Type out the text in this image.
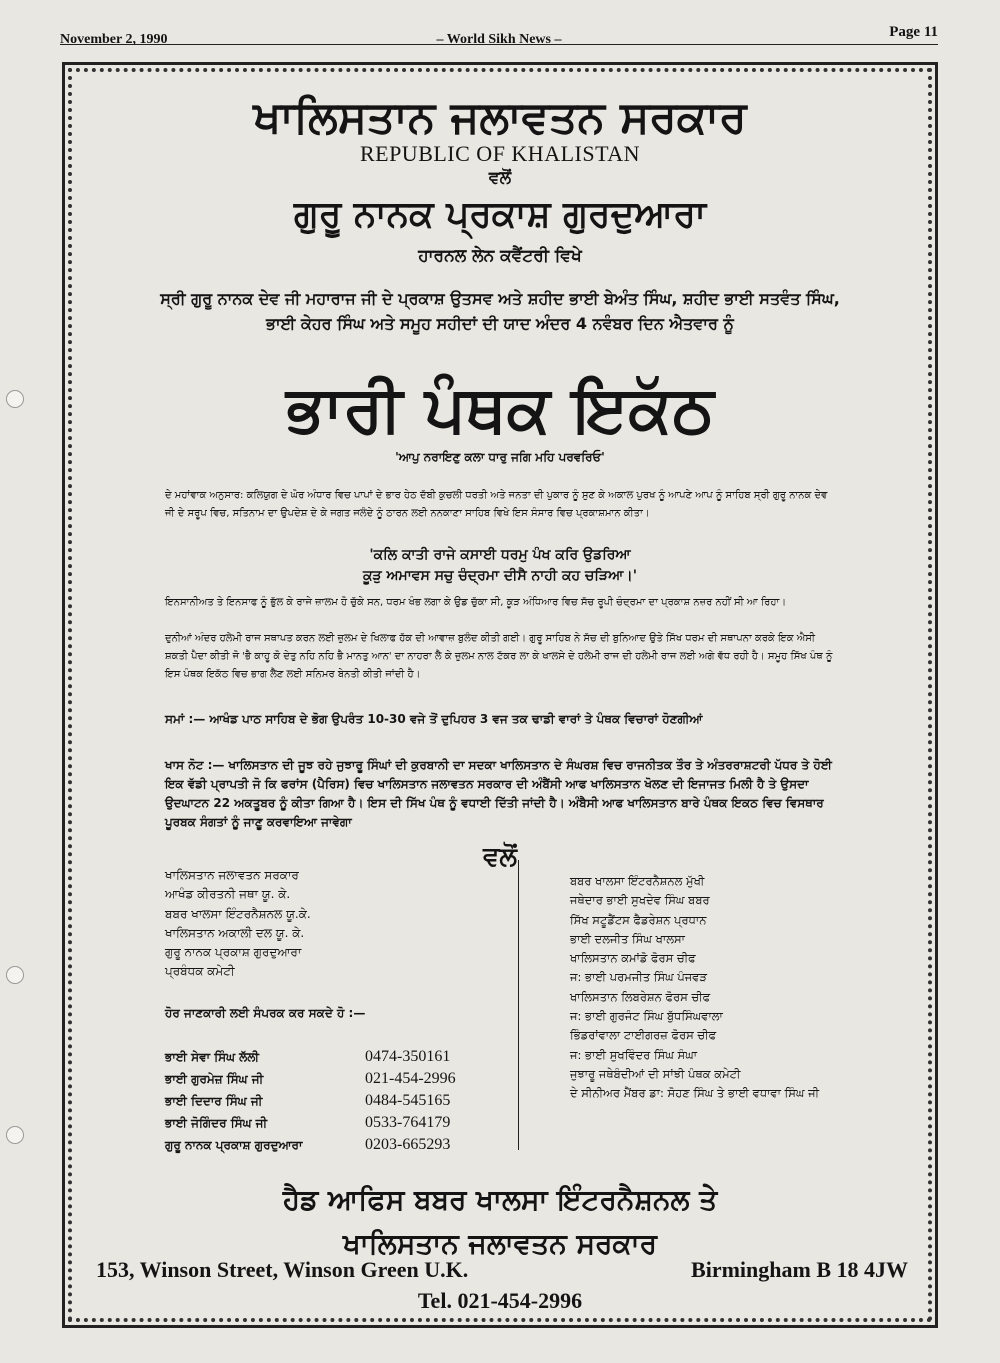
November 2, 1990	– World Sikh News –	Page 11
ਖਾਲਿਸਤਾਨ ਜਲਾਵਤਨ ਸਰਕਾਰ
REPUBLIC OF KHALISTAN
ਵਲੋਂ
ਗੁਰੂ ਨਾਨਕ ਪ੍ਰਕਾਸ਼ ਗੁਰਦੁਆਰਾ
ਹਾਰਨਲ ਲੇਨ ਕਵੈਂਟਰੀ ਵਿਖੇ
ਸ੍ਰੀ ਗੁਰੂ ਨਾਨਕ ਦੇਵ ਜੀ ਮਹਾਰਾਜ ਜੀ ਦੇ ਪ੍ਰਕਾਸ਼ ਉਤਸਵ ਅਤੇ ਸ਼ਹੀਦ ਭਾਈ ਬੇਅੰਤ ਸਿੰਘ, ਸ਼ਹੀਦ ਭਾਈ ਸਤਵੰਤ ਸਿੰਘ, ਭਾਈ ਕੇਹਰ ਸਿੰਘ ਅਤੇ ਸਮੂਹ ਸਹੀਦਾਂ ਦੀ ਯਾਦ ਅੰਦਰ 4 ਨਵੰਬਰ ਦਿਨ ਐਤਵਾਰ ਨੂੰ
ਭਾਰੀ ਪੰਥਕ ਇਕੱਠ
'ਆਪੁ ਨਰਾਇਣੁ ਕਲਾ ਧਾਰੁ ਜਗਿ ਮਹਿ ਪਰਵਰਿਓ'

ਦੇ ਮਹਾਂਵਾਕ ਅਨੁਸਾਰ: ਕਲਿਯੁਗ ਦੇ ਘੋਰ ਅੰਧਾਰ ਵਿਚ ਪਾਪਾਂ ਦੇ ਭਾਰ ਹੇਠ ਦੱਬੀ ਕੁਚਲੀ ਧਰਤੀ ਅਤੇ ਜਨਤਾ ਦੀ ਪੁਕਾਰ ਨੂੰ ਸੁਣ ਕੇ ਅਕਾਲ ਪੁਰਖ ਨੂੰ ਆਪਣੇ ਆਪ ਨੂੰ ਸਾਹਿਬ ਸ੍ਰੀ ਗੁਰੂ ਨਾਨਕ ਦੇਵ ਜੀ ਦੇ ਸਰੂਪ ਵਿਚ, ਸਤਿਨਾਮ ਦਾ ਉਪਦੇਸ਼ ਦੇ ਕੇ ਜਗਤ ਜਲੰਦੇ ਨੂੰ ਠਾਰਨ ਲਈ ਨਨਕਾਣਾ ਸਾਹਿਬ ਵਿਖੇ ਇਸ ਸੰਸਾਰ ਵਿਚ ਪ੍ਰਕਾਸ਼ਮਾਨ ਕੀਤਾ।

'ਕਲਿ ਕਾਤੀ ਰਾਜੇ ਕਸਾਈ ਧਰਮੁ ਪੰਖ ਕਰਿ ਉਡਰਿਆ
ਕੂੜੁ ਅਮਾਵਸ ਸਚੁ ਚੰਦ੍ਰਮਾ ਦੀਸੈ ਨਾਹੀ ਕਹ ਚੜਿਆ।'

ਇਨਸਾਨੀਅਤ ਤੇ ਇਨਸਾਫ ਨੂੰ ਭੁੱਲ ਕੇ ਰਾਜੇ ਜ਼ਾਲਮ ਹੋ ਚੁੱਕੇ ਸਨ, ਧਰਮ ਖੰਭ ਲਗਾ ਕੇ ਉਡ ਚੁੱਕਾ ਸੀ, ਕੂੜ ਅੰਧਿਆਰ ਵਿਚ ਸੱਚ ਰੂਪੀ ਚੰਦ੍ਰਮਾ ਦਾ ਪ੍ਰਕਾਸ਼ ਨਜ਼ਰ ਨਹੀਂ ਸੀ ਆ ਰਿਹਾ।

ਦੁਨੀਆਂ ਅੰਦਰ ਹਲੇਮੀ ਰਾਜ ਸਥਾਪਤ ਕਰਨ ਲਈ ਜ਼ੁਲਮ ਦੇ ਖਿਲਾਫ ਹੱਕ ਦੀ ਆਵਾਜ਼ ਬੁਲੰਦ ਕੀਤੀ ਗਈ। ਗੁਰੂ ਸਾਹਿਬ ਨੇ ਸੱਚ ਦੀ ਬੁਨਿਆਦ ਉਤੇ ਸਿੱਖ ਧਰਮ ਦੀ ਸਥਾਪਨਾ ਕਰਕੇ ਇਕ ਐਸੀ ਸ਼ਕਤੀ ਪੈਦਾ ਕੀਤੀ ਜੋ 'ਭੈ ਕਾਹੂ ਕੋ ਦੇਤੁ ਨਹਿ ਨਹਿ ਭੈ ਮਾਨਤੁ ਆਨ' ਦਾ ਨਾਹਰਾ ਲੈ ਕੇ ਜ਼ੁਲਮ ਨਾਲ ਟੱਕਰ ਲਾ ਕੇ ਖਾਲਸੇ ਦੇ ਹਲੇਮੀ ਰਾਜ ਦੀ ਹਲੇਮੀ ਰਾਜ ਲਈ ਅਗੇ ਵੱਧ ਰਹੀ ਹੈ। ਸਮੂਹ ਸਿੱਖ ਪੰਥ ਨੂੰ ਇਸ ਪੰਥਕ ਇਕੱਠ ਵਿਚ ਭਾਗ ਲੈਣ ਲਈ ਸਨਿਮਰ ਬੇਨਤੀ ਕੀਤੀ ਜਾਂਦੀ ਹੈ।

ਸਮਾਂ :— ਆਖੰਡ ਪਾਠ ਸਾਹਿਬ ਦੇ ਭੋਗ ਉਪਰੰਤ 10-30 ਵਜੇ ਤੋਂ ਦੁਪਿਹਰ 3 ਵਜ ਤਕ ਢਾਡੀ ਵਾਰਾਂ ਤੇ ਪੰਥਕ ਵਿਚਾਰਾਂ ਹੋਣਗੀਆਂ

ਖਾਸ ਨੋਟ :— ਖਾਲਿਸਤਾਨ ਦੀ ਜੂਝ ਰਹੇ ਜੁਝਾਰੂ ਸਿੰਘਾਂ ਦੀ ਕੁਰਬਾਨੀ ਦਾ ਸਦਕਾ ਖਾਲਿਸਤਾਨ ਦੇ ਸੰਘਰਸ਼ ਵਿਚ ਰਾਜਨੀਤਕ ਤੌਰ ਤੇ ਅੰਤਰਰਾਸ਼ਟਰੀ ਪੱਧਰ ਤੇ ਹੋਈ ਇਕ ਵੱਡੀ ਪ੍ਰਾਪਤੀ ਜੋ ਕਿ ਫਰਾਂਸ (ਪੈਰਿਸ) ਵਿਚ ਖਾਲਿਸਤਾਨ ਜਲਾਵਤਨ ਸਰਕਾਰ ਦੀ ਅੰਬੈਂਸੀ ਆਫ ਖਾਲਿਸਤਾਨ ਖੋਲਣ ਦੀ ਇਜਾਜਤ ਮਿਲੀ ਹੈ ਤੇ ਉਸਦਾ ਉਦਘਾਟਨ 22 ਅਕਤੂਬਰ ਨੂੰ ਕੀਤਾ ਗਿਆ ਹੈ। ਇਸ ਦੀ ਸਿੱਖ ਪੰਥ ਨੂੰ ਵਧਾਈ ਦਿੱਤੀ ਜਾਂਦੀ ਹੈ। ਅੰਬੈਸੀ ਆਫ ਖਾਲਿਸਤਾਨ ਬਾਰੇ ਪੰਥਕ ਇਕਠ ਵਿਚ ਵਿਸਥਾਰ ਪੂਰਬਕ ਸੰਗਤਾਂ ਨੂੰ ਜਾਣੂ ਕਰਵਾਇਆ ਜਾਵੇਗਾ

ਵਲੋਂ
ਖਾਲਿਸਤਾਨ ਜਲਾਵਤਨ ਸਰਕਾਰ
ਆਖੰਡ ਕੀਰਤਨੀ ਜਥਾ ਯੂ. ਕੇ.
ਬਬਰ ਖਾਲਸਾ ਇੰਟਰਨੈਸ਼ਨਲ ਯੂ.ਕੇ.
ਖਾਲਿਸਤਾਨ ਅਕਾਲੀ ਦਲ ਯੂ. ਕੇ.
ਗੁਰੂ ਨਾਨਕ ਪ੍ਰਕਾਸ਼ ਗੁਰਦੁਆਰਾ
ਪ੍ਰਬੰਧਕ ਕਮੇਟੀ
ਹੋਰ ਜਾਣਕਾਰੀ ਲਈ ਸੰਪਰਕ ਕਰ ਸਕਦੇ ਹੋ :—
ਭਾਈ ਸੇਵਾ ਸਿੰਘ ਲੱਲੀ	0474-350161
ਭਾਈ ਗੁਰਮੇਜ਼ ਸਿੰਘ ਜੀ	021-454-2996
ਭਾਈ ਦਿਦਾਰ ਸਿੰਘ ਜੀ	0484-545165
ਭਾਈ ਜੋਗਿੰਦਰ ਸਿੰਘ ਜੀ	0533-764179
ਗੁਰੂ ਨਾਨਕ ਪ੍ਰਕਾਸ਼ ਗੁਰਦੁਆਰਾ	0203-665293
ਬਬਰ ਖਾਲਸਾ ਇੰਟਰਨੈਸ਼ਨਲ ਮੁੱਖੀ
ਜਥੇਦਾਰ ਭਾਈ ਸੁਖਦੇਵ ਸਿੰਘ ਬਬਰ
ਸਿੱਖ ਸਟੂਡੈਂਟਸ ਫੈਡਰੇਸ਼ਨ ਪ੍ਰਧਾਨ
ਭਾਈ ਦਲਜੀਤ ਸਿੰਘ ਖਾਲਸਾ
ਖਾਲਿਸਤਾਨ ਕਮਾਂਡੋ ਫੋਰਸ ਚੀਫ
ਜ: ਭਾਈ ਪਰਮਜੀਤ ਸਿੰਘ ਪੰਜਵੜ
ਖਾਲਿਸਤਾਨ ਲਿਬਰੇਸ਼ਨ ਫੋਰਸ ਚੀਫ
ਜ: ਭਾਈ ਗੁਰਜੰਟ ਸਿੰਘ ਬੁੱਧਸਿੰਘਵਾਲਾ
ਭਿੰਡਰਾਂਵਾਲਾ ਟਾਈਗਰਜ਼ ਫੋਰਸ ਚੀਫ
ਜ: ਭਾਈ ਸੁਖਵਿੰਦਰ ਸਿੰਘ ਸੰਘਾ
ਜੁਝਾਰੂ ਜਥੇਬੰਦੀਆਂ ਦੀ ਸਾਂਝੀ ਪੰਥਕ ਕਮੇਟੀ
ਦੇ ਸੀਨੀਅਰ ਮੈਂਬਰ ਡਾ: ਸੋਹਣ ਸਿੰਘ ਤੇ ਭਾਈ ਵਧਾਵਾ ਸਿੰਘ ਜੀ
ਹੈਡ ਆਫਿਸ ਬਬਰ ਖਾਲਸਾ ਇੰਟਰਨੈਸ਼ਨਲ ਤੇ
ਖਾਲਿਸਤਾਨ ਜਲਾਵਤਨ ਸਰਕਾਰ
153, Winson Street, Winson Green U.K.	Birmingham B 18 4JW
Tel. 021-454-2996
